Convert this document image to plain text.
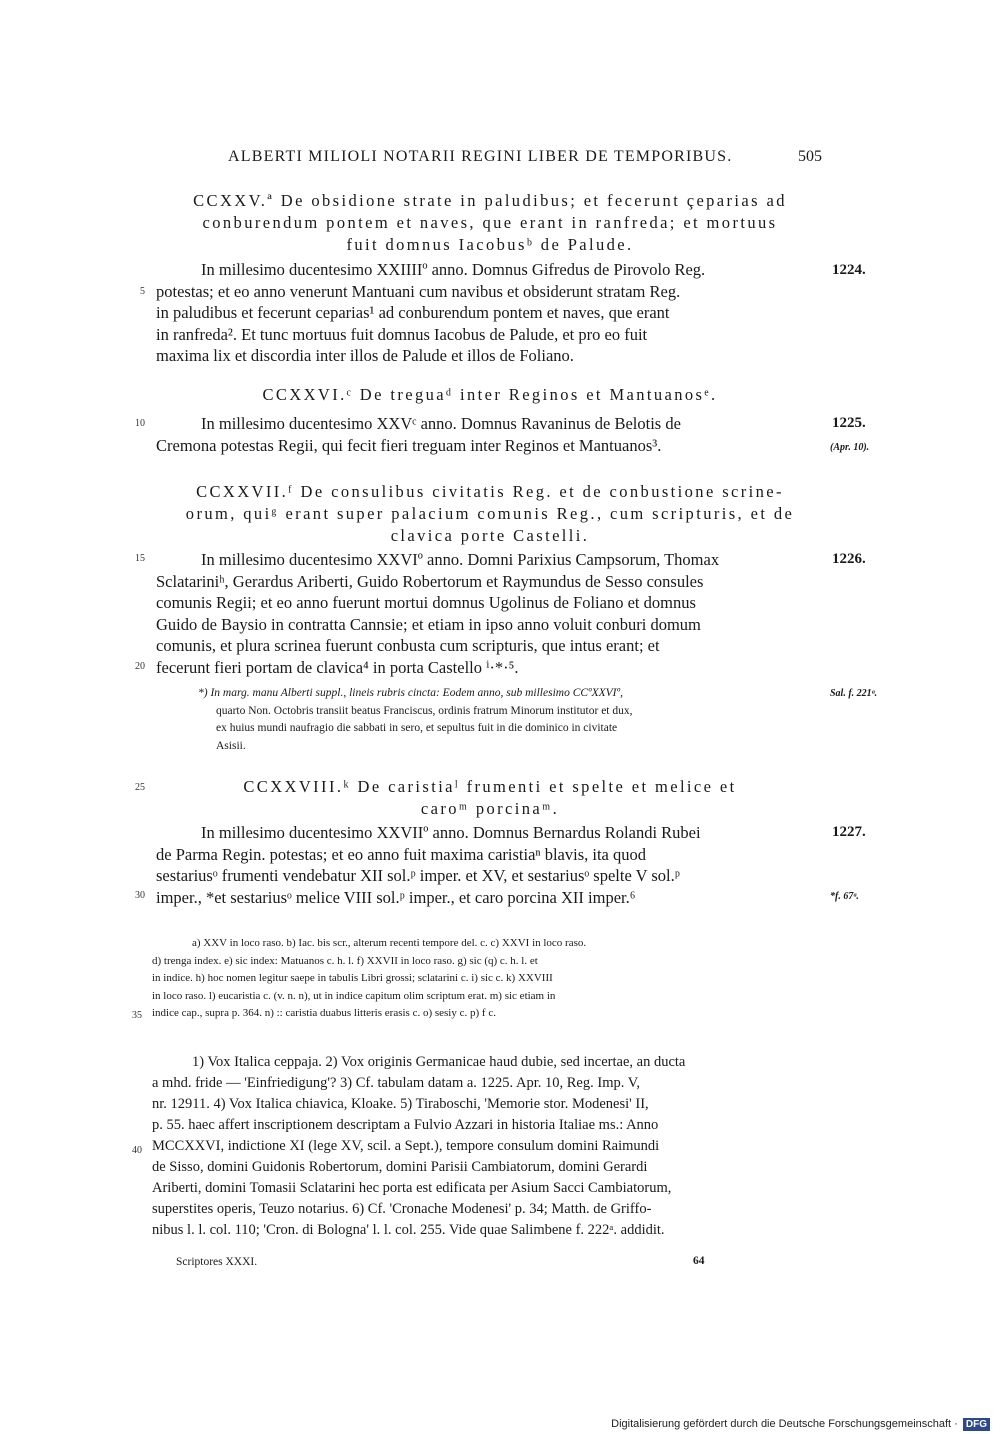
ALBERTI MILIOLI NOTARII REGINI LIBER DE TEMPORIBUS.	505
CCXXV.ª De obsidione strate in paludibus; et fecerunt çeparias ad
conburendum pontem et naves, que erant in ranfreda; et mortuus
fuit domnus Iacobusᵇ de Palude.

In millesimo ducentesimo XXIIIIº anno. Domnus Gifredus de Pirovolo Reg.

potestas; et eo anno venerunt Mantuani cum navibus et obsiderunt stratam Reg.

in paludibus et fecerunt ceparias¹ ad conburendum pontem et naves, que erant

in ranfreda². Et tunc mortuus fuit domnus Iacobus de Palude, et pro eo fuit

maxima lix et discordia inter illos de Palude et illos de Foliano.

5
1224.
CCXXVI.ᶜ De treguaᵈ inter Reginos et Mantuanosᵉ.

In millesimo ducentesimo XXVᶜ anno. Domnus Ravaninus de Belotis de

Cremona potestas Regii, qui fecit fieri treguam inter Reginos et Mantuanos³.

10	1225.
(Apr. 10).
CCXXVII.ᶠ De consulibus civitatis Reg. et de conbustione scrine-
orum, quiᵍ erant super palacium comunis Reg., cum scripturis, et de
clavica porte Castelli.

In millesimo ducentesimo XXVIº anno. Domni Parixius Campsorum, Thomax

Sclatariniʰ, Gerardus Ariberti, Guido Robertorum et Raymundus de Sesso consules

comunis Regii; et eo anno fuerunt mortui domnus Ugolinus de Foliano et domnus

Guido de Baysio in contratta Cannsie; et etiam in ipso anno voluit conburi domum

comunis, et plura scrinea fuerunt conbusta cum scripturis, que intus erant; et

fecerunt fieri portam de clavica⁴ in porta Castello ⁱ·*·⁵.

15
20
1226.

*) In marg. manu Alberti suppl., lineis rubris cincta: Eodem anno, sub millesimo CCºXXVIº,

quarto Non. Octobris transiit beatus Franciscus, ordinis fratrum Minorum institutor et dux,

ex huius mundi naufragio die sabbati in sero, et sepultus fuit in die dominico in civitate

Asisii.

Sal. f. 221ᵃ.
CCXXVIII.ᵏ De caristiaˡ frumenti et spelte et melice et
caroᵐ porcinaᵐ.

In millesimo ducentesimo XXVIIº anno. Domnus Bernardus Rolandi Rubei

de Parma Regin. potestas; et eo anno fuit maxima caristiaⁿ blavis, ita quod

sestariusᵒ frumenti vendebatur XII sol.ᵖ imper. et XV, et sestariusᵒ spelte V sol.ᵖ

imper., *et sestariusᵒ melice VIII sol.ᵖ imper., et caro porcina XII imper.⁶

25
30
1227.
*f. 67ᵃ.

a) XXV in loco raso. b) Iac. bis scr., alterum recenti tempore del. c. c) XXVI in loco raso.

d) trenga index. e) sic index: Matuanos c. h. l. f) XXVII in loco raso. g) sic (q) c. h. l. et

in indice. h) hoc nomen legitur saepe in tabulis Libri grossi; sclatarini c. i) sic c. k) XXVIII

in loco raso. l) eucaristia c. (v. n. n), ut in indice capitum olim scriptum erat. m) sic etiam in

indice cap., supra p. 364. n) :: caristia duabus litteris erasis c. o) sesiy c. p) f c.

35

1) Vox Italica ceppaja. 2) Vox originis Germanicae haud dubie, sed incertae, an ducta

a mhd. fride — 'Einfriedigung'? 3) Cf. tabulam datam a. 1225. Apr. 10, Reg. Imp. V,

nr. 12911. 4) Vox Italica chiavica, Kloake. 5) Tiraboschi, 'Memorie stor. Modenesi' II,

p. 55. haec affert inscriptionem descriptam a Fulvio Azzari in historia Italiae ms.: Anno

MCCXXVI, indictione XI (lege XV, scil. a Sept.), tempore consulum domini Raimundi

de Sisso, domini Guidonis Robertorum, domini Parisii Cambiatorum, domini Gerardi

Ariberti, domini Tomasii Sclatarini hec porta est edificata per Asium Sacci Cambiatorum,

superstites operis, Teuzo notarius. 6) Cf. 'Cronache Modenesi' p. 34; Matth. de Griffo-

nibus l. l. col. 110; 'Cron. di Bologna' l. l. col. 255. Vide quae Salimbene f. 222ᵃ. addidit.

40
Scriptores XXXI.	64
Digitalisierung gefördert durch die Deutsche Forschungsgemeinschaft · DFG
